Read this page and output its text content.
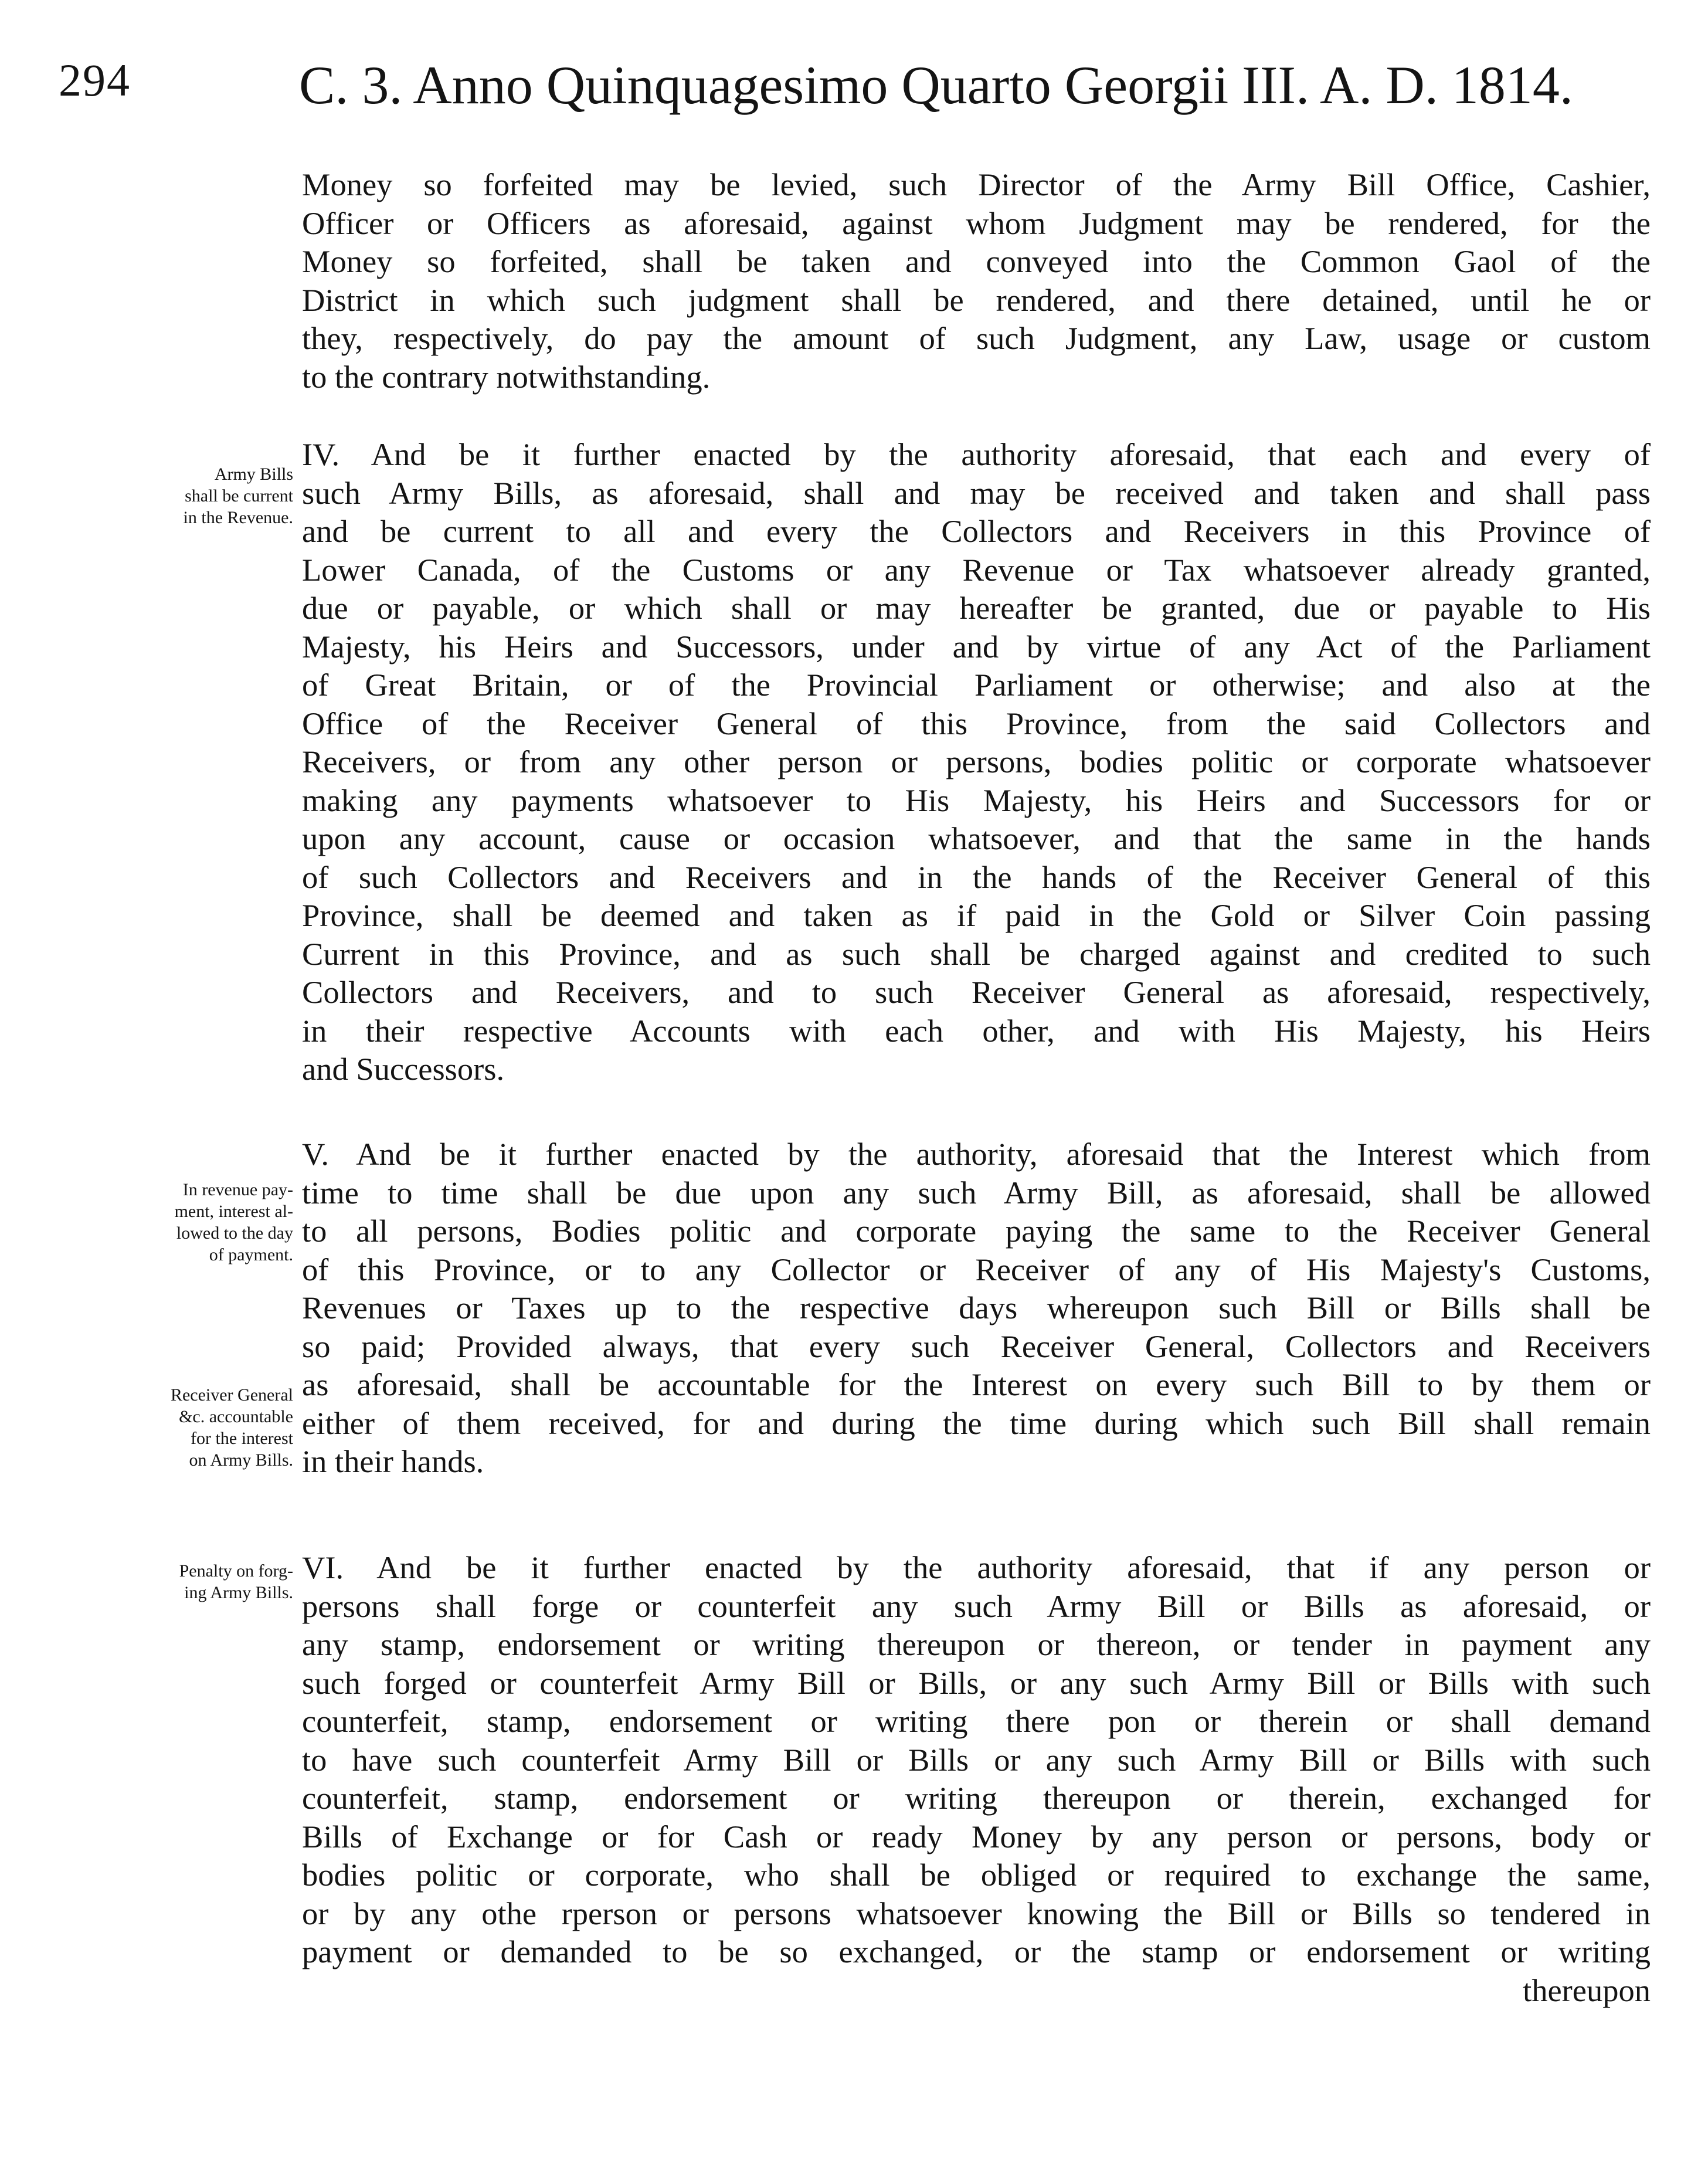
294	C. 3. Anno Quinquagesimo Quarto Georgii III. A. D. 1814.
Money so forfeited may be levied, such Director of the Army Bill Office, Cashier,
Officer or Officers as aforesaid, against whom Judgment may be rendered, for the
Money so forfeited, shall be taken and conveyed into the Common Gaol of the
District in which such judgment shall be rendered, and there detained, until he or
they, respectively, do pay the amount of such Judgment, any Law, usage or custom
to the contrary notwithstanding.
Army Bills
shall be current
in the Revenue.
IV. And be it further enacted by the authority aforesaid, that each and every of
such Army Bills, as aforesaid, shall and may be received and taken and shall pass
and be current to all and every the Collectors and Receivers in this Province of
Lower Canada, of the Customs or any Revenue or Tax whatsoever already granted,
due or payable, or which shall or may hereafter be granted, due or payable to His
Majesty, his Heirs and Successors, under and by virtue of any Act of the Parliament
of Great Britain, or of the Provincial Parliament or otherwise; and also at the
Office of the Receiver General of this Province, from the said Collectors and
Receivers, or from any other person or persons, bodies politic or corporate whatsoever
making any payments whatsoever to His Majesty, his Heirs and Successors for or
upon any account, cause or occasion whatsoever, and that the same in the hands
of such Collectors and Receivers and in the hands of the Receiver General of this
Province, shall be deemed and taken as if paid in the Gold or Silver Coin passing
Current in this Province, and as such shall be charged against and credited to such
Collectors and Receivers, and to such Receiver General as aforesaid, respectively,
in their respective Accounts with each other, and with His Majesty, his Heirs
and Successors.
In revenue pay-
ment, interest al-
lowed to the day
of payment.
Receiver General
&c. accountable
for the interest
on Army Bills.
V. And be it further enacted by the authority, aforesaid that the Interest which from
time to time shall be due upon any such Army Bill, as aforesaid, shall be allowed
to all persons, Bodies politic and corporate paying the same to the Receiver General
of this Province, or to any Collector or Receiver of any of His Majesty's Customs,
Revenues or Taxes up to the respective days whereupon such Bill or Bills shall be
so paid; Provided always, that every such Receiver General, Collectors and Receivers
as aforesaid, shall be accountable for the Interest on every such Bill to by them or
either of them received, for and during the time during which such Bill shall remain
in their hands.
Penalty on forg-
ing Army Bills.
VI. And be it further enacted by the authority aforesaid, that if any person or
persons shall forge or counterfeit any such Army Bill or Bills as aforesaid, or
any stamp, endorsement or writing thereupon or thereon, or tender in payment any
such forged or counterfeit Army Bill or Bills, or any such Army Bill or Bills with such
counterfeit, stamp, endorsement or writing there pon or therein or shall demand
to have such counterfeit Army Bill or Bills or any such Army Bill or Bills with such
counterfeit, stamp, endorsement or writing thereupon or therein, exchanged for
Bills of Exchange or for Cash or ready Money by any person or persons, body or
bodies politic or corporate, who shall be obliged or required to exchange the same,
or by any othe rperson or persons whatsoever knowing the Bill or Bills so tendered in
payment or demanded to be so exchanged, or the stamp or endorsement or writing
thereupon
